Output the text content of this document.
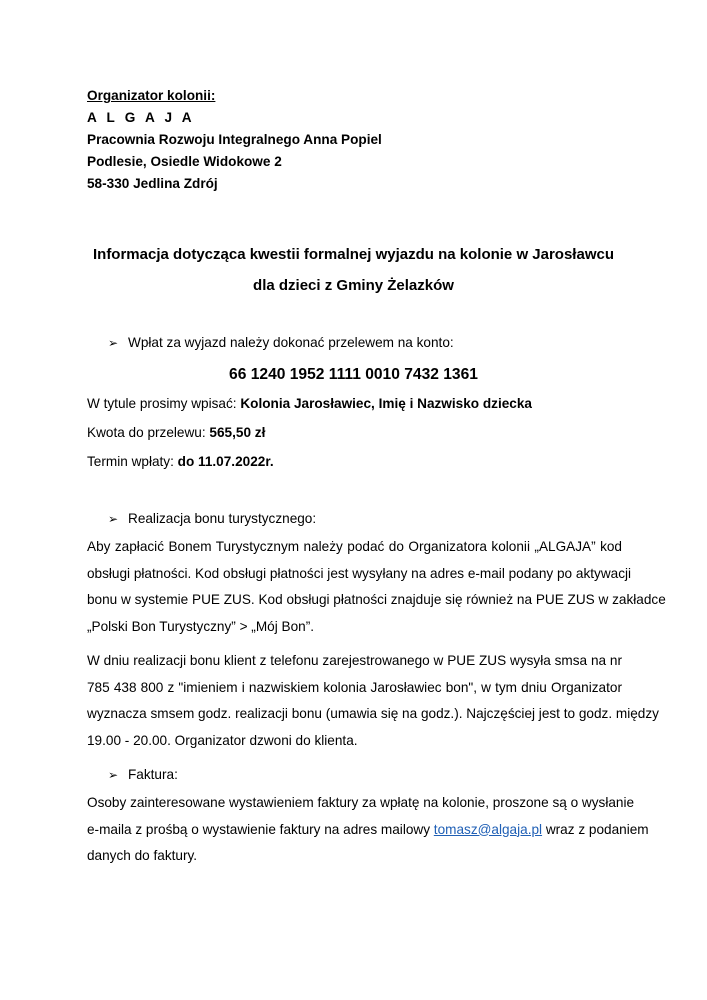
Organizator kolonii:
A L G A J A
Pracownia Rozwoju Integralnego Anna Popiel
Podlesie, Osiedle Widokowe 2
58-330 Jedlina Zdrój
Informacja dotycząca kwestii formalnej wyjazdu na kolonie w Jarosławcu
dla dzieci z Gminy Żelazków
➢ Wpłat za wyjazd należy dokonać przelewem na konto:
66 1240 1952 1111 0010 7432 1361
W tytule prosimy wpisać: Kolonia Jarosławiec, Imię i Nazwisko dziecka
Kwota do przelewu: 565,50 zł
Termin wpłaty: do 11.07.2022r.
➢ Realizacja bonu turystycznego:
Aby zapłacić Bonem Turystycznym należy podać do Organizatora kolonii „ALGAJA” kod
obsługi płatności. Kod obsługi płatności jest wysyłany na adres e-mail podany po aktywacji
bonu w systemie PUE ZUS. Kod obsługi płatności znajduje się również na PUE ZUS w zakładce
„Polski Bon Turystyczny” > „Mój Bon”.
W dniu realizacji bonu klient z telefonu zarejestrowanego w PUE ZUS wysyła smsa na nr
785 438 800 z "imieniem i nazwiskiem kolonia Jarosławiec bon", w tym dniu Organizator
wyznacza smsem godz. realizacji bonu (umawia się na godz.). Najczęściej jest to godz. między
19.00 - 20.00. Organizator dzwoni do klienta.
➢ Faktura:
Osoby zainteresowane wystawieniem faktury za wpłatę na kolonie, proszone są o wysłanie
e-maila z prośbą o wystawienie faktury na adres mailowy tomasz@algaja.pl wraz z podaniem
danych do faktury.
